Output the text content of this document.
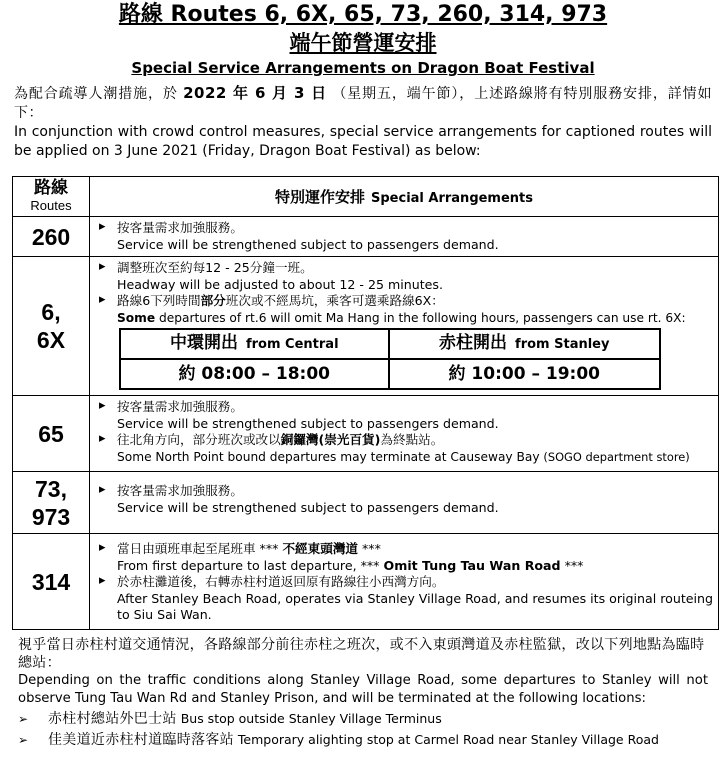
路線 Routes 6, 6X, 65, 73, 260, 314, 973
端午節營運安排
Special Service Arrangements on Dragon Boat Festival
為配合疏導人潮措施，於 2022 年 6 月 3 日 （星期五，端午節），上述路線將有特別服務安排，詳情如下：
In conjunction with crowd control measures, special service arrangements for captioned routes will be applied on 3 June 2021 (Friday, Dragon Boat Festival) as below:
路線
Routes	特別運作安排 Special Arrangements
260	
▸按客量需求加強服務。
Service will be strengthened subject to passengers demand.

6,
6X

▸ 調整班次至約每12 - 25分鐘一班。
Headway will be adjusted to about 12 - 25 minutes.
▸ 路線6下列時間部分班次或不經馬坑，乘客可選乘路線6X：
Some departures of rt.6 will omit Ma Hang in the following hours, passengers can use rt. 6X:
中環開出 from Central	赤柱開出 from Stanley
約 08:00 – 18:00	約 10:00 – 19:00

65	
▸ 按客量需求加強服務。
Service will be strengthened subject to passengers demand.
▸ 往北角方向，部分班次或改以銅鑼灣(崇光百貨)為終點站。
Some North Point bound departures may terminate at Causeway Bay (SOGO department store)

73,
973

▸ 按客量需求加強服務。
Service will be strengthened subject to passengers demand.

314	
▸ 當日由頭班車起至尾班車 *** 不經東頭灣道 ***
From first departure to last departure, *** Omit Tung Tau Wan Road ***
▸ 於赤柱灘道後，右轉赤柱村道返回原有路線往小西灣方向。
After Stanley Beach Road, operates via Stanley Village Road, and resumes its original routeing to Siu Sai Wan.
視乎當日赤柱村道交通情況，各路線部分前往赤柱之班次，或不入東頭灣道及赤柱監獄，改以下列地點為臨時總站：
Depending on the traffic conditions along Stanley Village Road, some departures to Stanley will not observe Tung Tau Wan Rd and Stanley Prison, and will be terminated at the following locations:
➢ 赤柱村總站外巴士站 Bus stop outside Stanley Village Terminus
➢ 佳美道近赤柱村道臨時落客站 Temporary alighting stop at Carmel Road near Stanley Village Road
